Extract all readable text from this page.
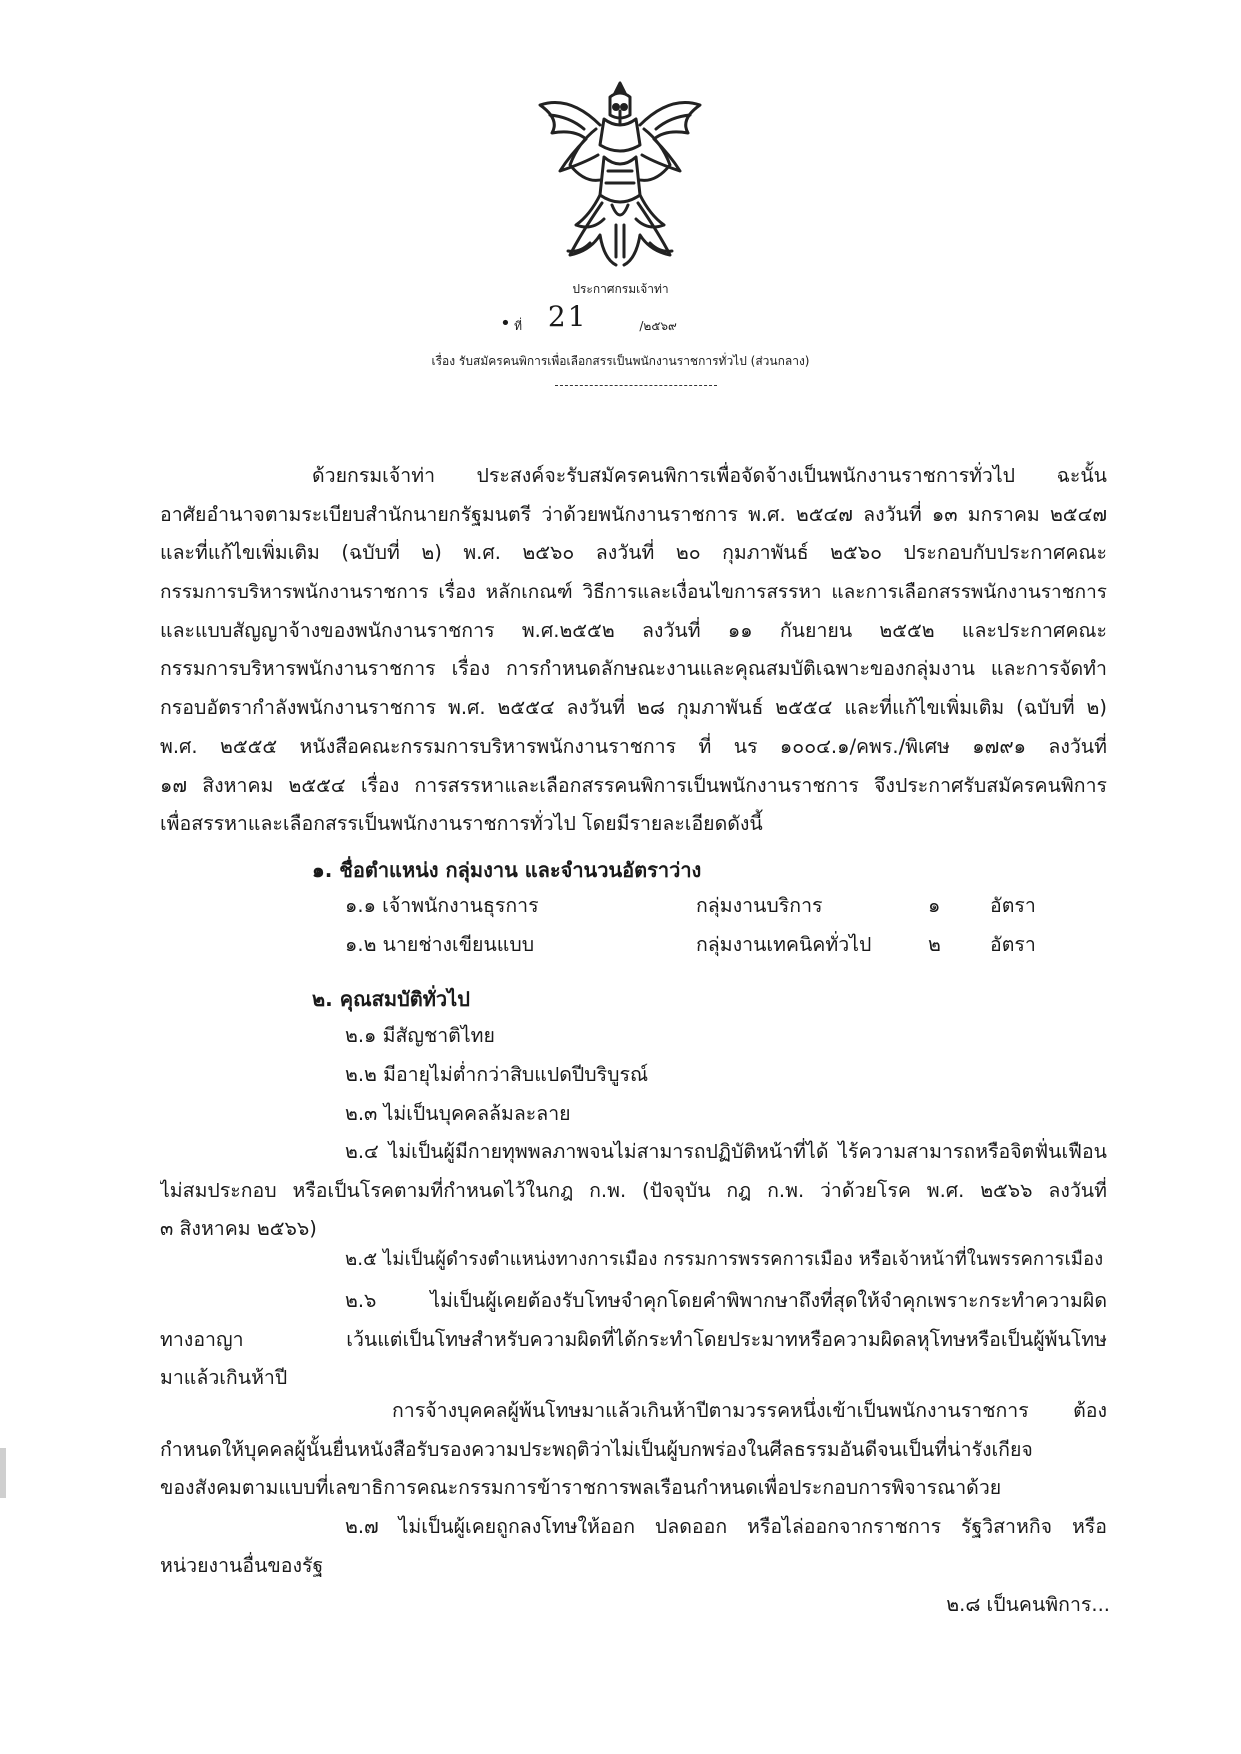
ประกาศกรมเจ้าท่า
• ที่ 21	/๒๕๖๙
เรื่อง รับสมัครคนพิการเพื่อเลือกสรรเป็นพนักงานราชการทั่วไป (ส่วนกลาง)
ด้วยกรมเจ้าท่า ประสงค์จะรับสมัครคนพิการเพื่อจัดจ้างเป็นพนักงานราชการทั่วไป ฉะนั้น
อาศัยอำนาจตามระเบียบสำนักนายกรัฐมนตรี ว่าด้วยพนักงานราชการ พ.ศ. ๒๕๔๗ ลงวันที่ ๑๓ มกราคม ๒๕๔๗
และที่แก้ไขเพิ่มเติม (ฉบับที่ ๒) พ.ศ. ๒๕๖๐ ลงวันที่ ๒๐ กุมภาพันธ์ ๒๕๖๐ ประกอบกับประกาศคณะ
กรรมการบริหารพนักงานราชการ เรื่อง หลักเกณฑ์ วิธีการและเงื่อนไขการสรรหา และการเลือกสรรพนักงานราชการ
และแบบสัญญาจ้างของพนักงานราชการ พ.ศ.๒๕๕๒ ลงวันที่ ๑๑ กันยายน ๒๕๕๒ และประกาศคณะ
กรรมการบริหารพนักงานราชการ เรื่อง การกำหนดลักษณะงานและคุณสมบัติเฉพาะของกลุ่มงาน และการจัดทำ
กรอบอัตรากำลังพนักงานราชการ พ.ศ. ๒๕๕๔ ลงวันที่ ๒๘ กุมภาพันธ์ ๒๕๕๔ และที่แก้ไขเพิ่มเติม (ฉบับที่ ๒)
พ.ศ. ๒๕๕๕ หนังสือคณะกรรมการบริหารพนักงานราชการ ที่ นร ๑๐๐๔.๑/คพร./พิเศษ ๑๗๙๑ ลงวันที่
๑๗ สิงหาคม ๒๕๕๔ เรื่อง การสรรหาและเลือกสรรคนพิการเป็นพนักงานราชการ จึงประกาศรับสมัครคนพิการ
เพื่อสรรหาและเลือกสรรเป็นพนักงานราชการทั่วไป โดยมีรายละเอียดดังนี้
๑. ชื่อตำแหน่ง กลุ่มงาน และจำนวนอัตราว่าง
๑.๑ เจ้าพนักงานธุรการ	กลุ่มงานบริการ	๑	อัตรา
๑.๒ นายช่างเขียนแบบ	กลุ่มงานเทคนิคทั่วไป	๒	อัตรา
๒. คุณสมบัติทั่วไป
๒.๑ มีสัญชาติไทย
๒.๒ มีอายุไม่ต่ำกว่าสิบแปดปีบริบูรณ์
๒.๓ ไม่เป็นบุคคลล้มละลาย
๒.๔ ไม่เป็นผู้มีกายทุพพลภาพจนไม่สามารถปฏิบัติหน้าที่ได้ ไร้ความสามารถหรือจิตฟั่นเฟือน
ไม่สมประกอบ หรือเป็นโรคตามที่กำหนดไว้ในกฎ ก.พ. (ปัจจุบัน กฎ ก.พ. ว่าด้วยโรค พ.ศ. ๒๕๖๖ ลงวันที่
๓ สิงหาคม ๒๕๖๖)
๒.๕ ไม่เป็นผู้ดำรงตำแหน่งทางการเมือง กรรมการพรรคการเมือง หรือเจ้าหน้าที่ในพรรคการเมือง
๒.๖ ไม่เป็นผู้เคยต้องรับโทษจำคุกโดยคำพิพากษาถึงที่สุดให้จำคุกเพราะกระทำความผิด
ทางอาญา เว้นแต่เป็นโทษสำหรับความผิดที่ได้กระทำโดยประมาทหรือความผิดลหุโทษหรือเป็นผู้พ้นโทษ
มาแล้วเกินห้าปี
การจ้างบุคคลผู้พ้นโทษมาแล้วเกินห้าปีตามวรรคหนึ่งเข้าเป็นพนักงานราชการ ต้อง
กำหนดให้บุคคลผู้นั้นยื่นหนังสือรับรองความประพฤติว่าไม่เป็นผู้บกพร่องในศีลธรรมอันดีจนเป็นที่น่ารังเกียจ
ของสังคมตามแบบที่เลขาธิการคณะกรรมการข้าราชการพลเรือนกำหนดเพื่อประกอบการพิจารณาด้วย
๒.๗ ไม่เป็นผู้เคยถูกลงโทษให้ออก ปลดออก หรือไล่ออกจากราชการ รัฐวิสาหกิจ หรือ
หน่วยงานอื่นของรัฐ
๒.๘ เป็นคนพิการ...
